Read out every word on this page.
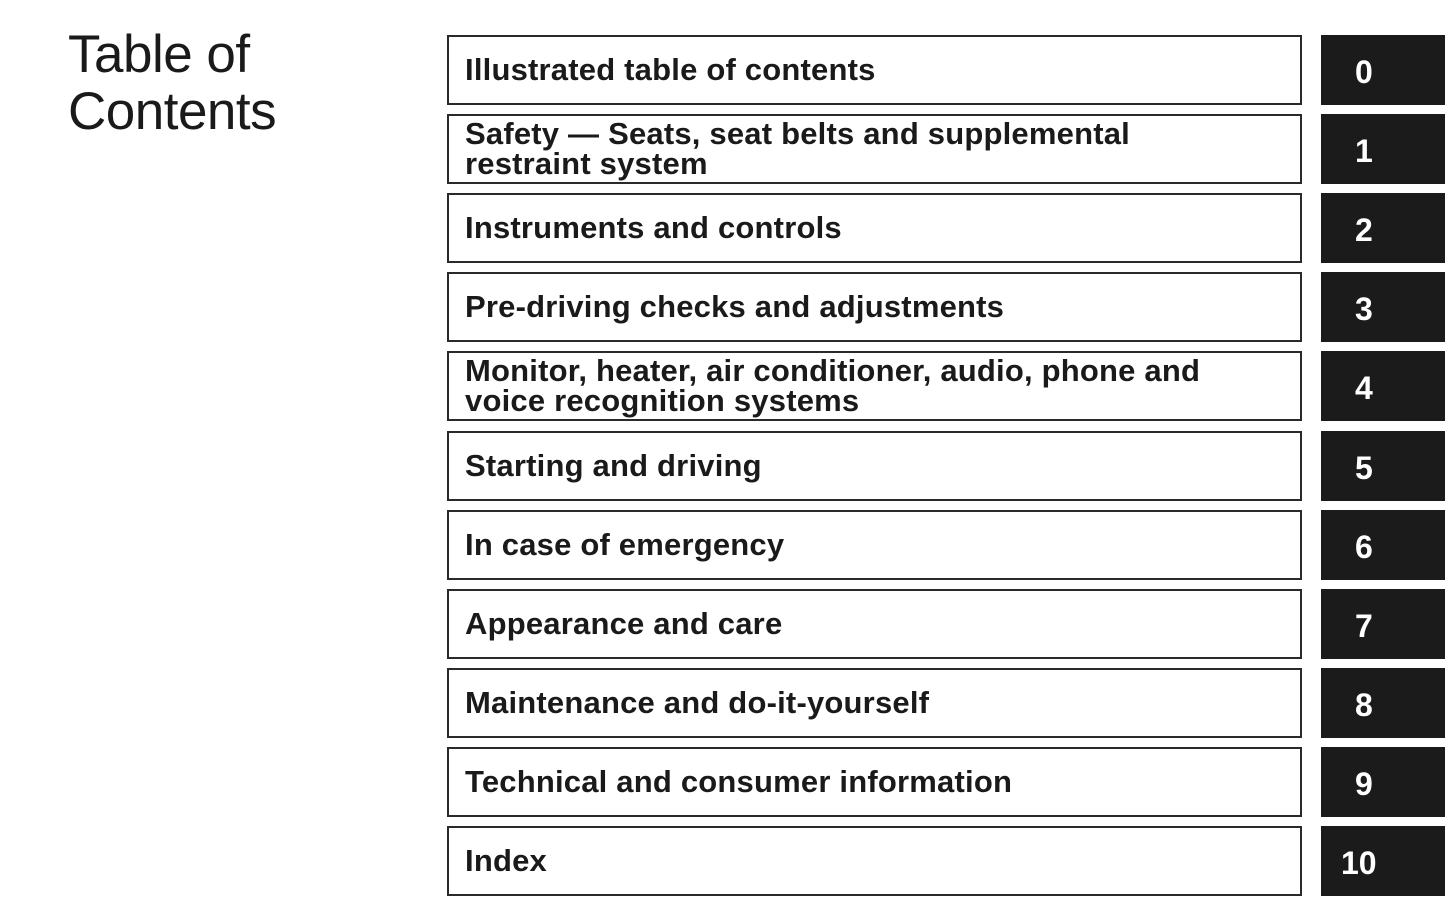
Table of
Contents
Illustrated table of contents	0
Safety — Seats, seat belts and supplemental restraint system	1
Instruments and controls	2
Pre-driving checks and adjustments	3
Monitor, heater, air conditioner, audio, phone and voice recognition systems	4
Starting and driving	5
In case of emergency	6
Appearance and care	7
Maintenance and do-it-yourself	8
Technical and consumer information	9
Index	10
